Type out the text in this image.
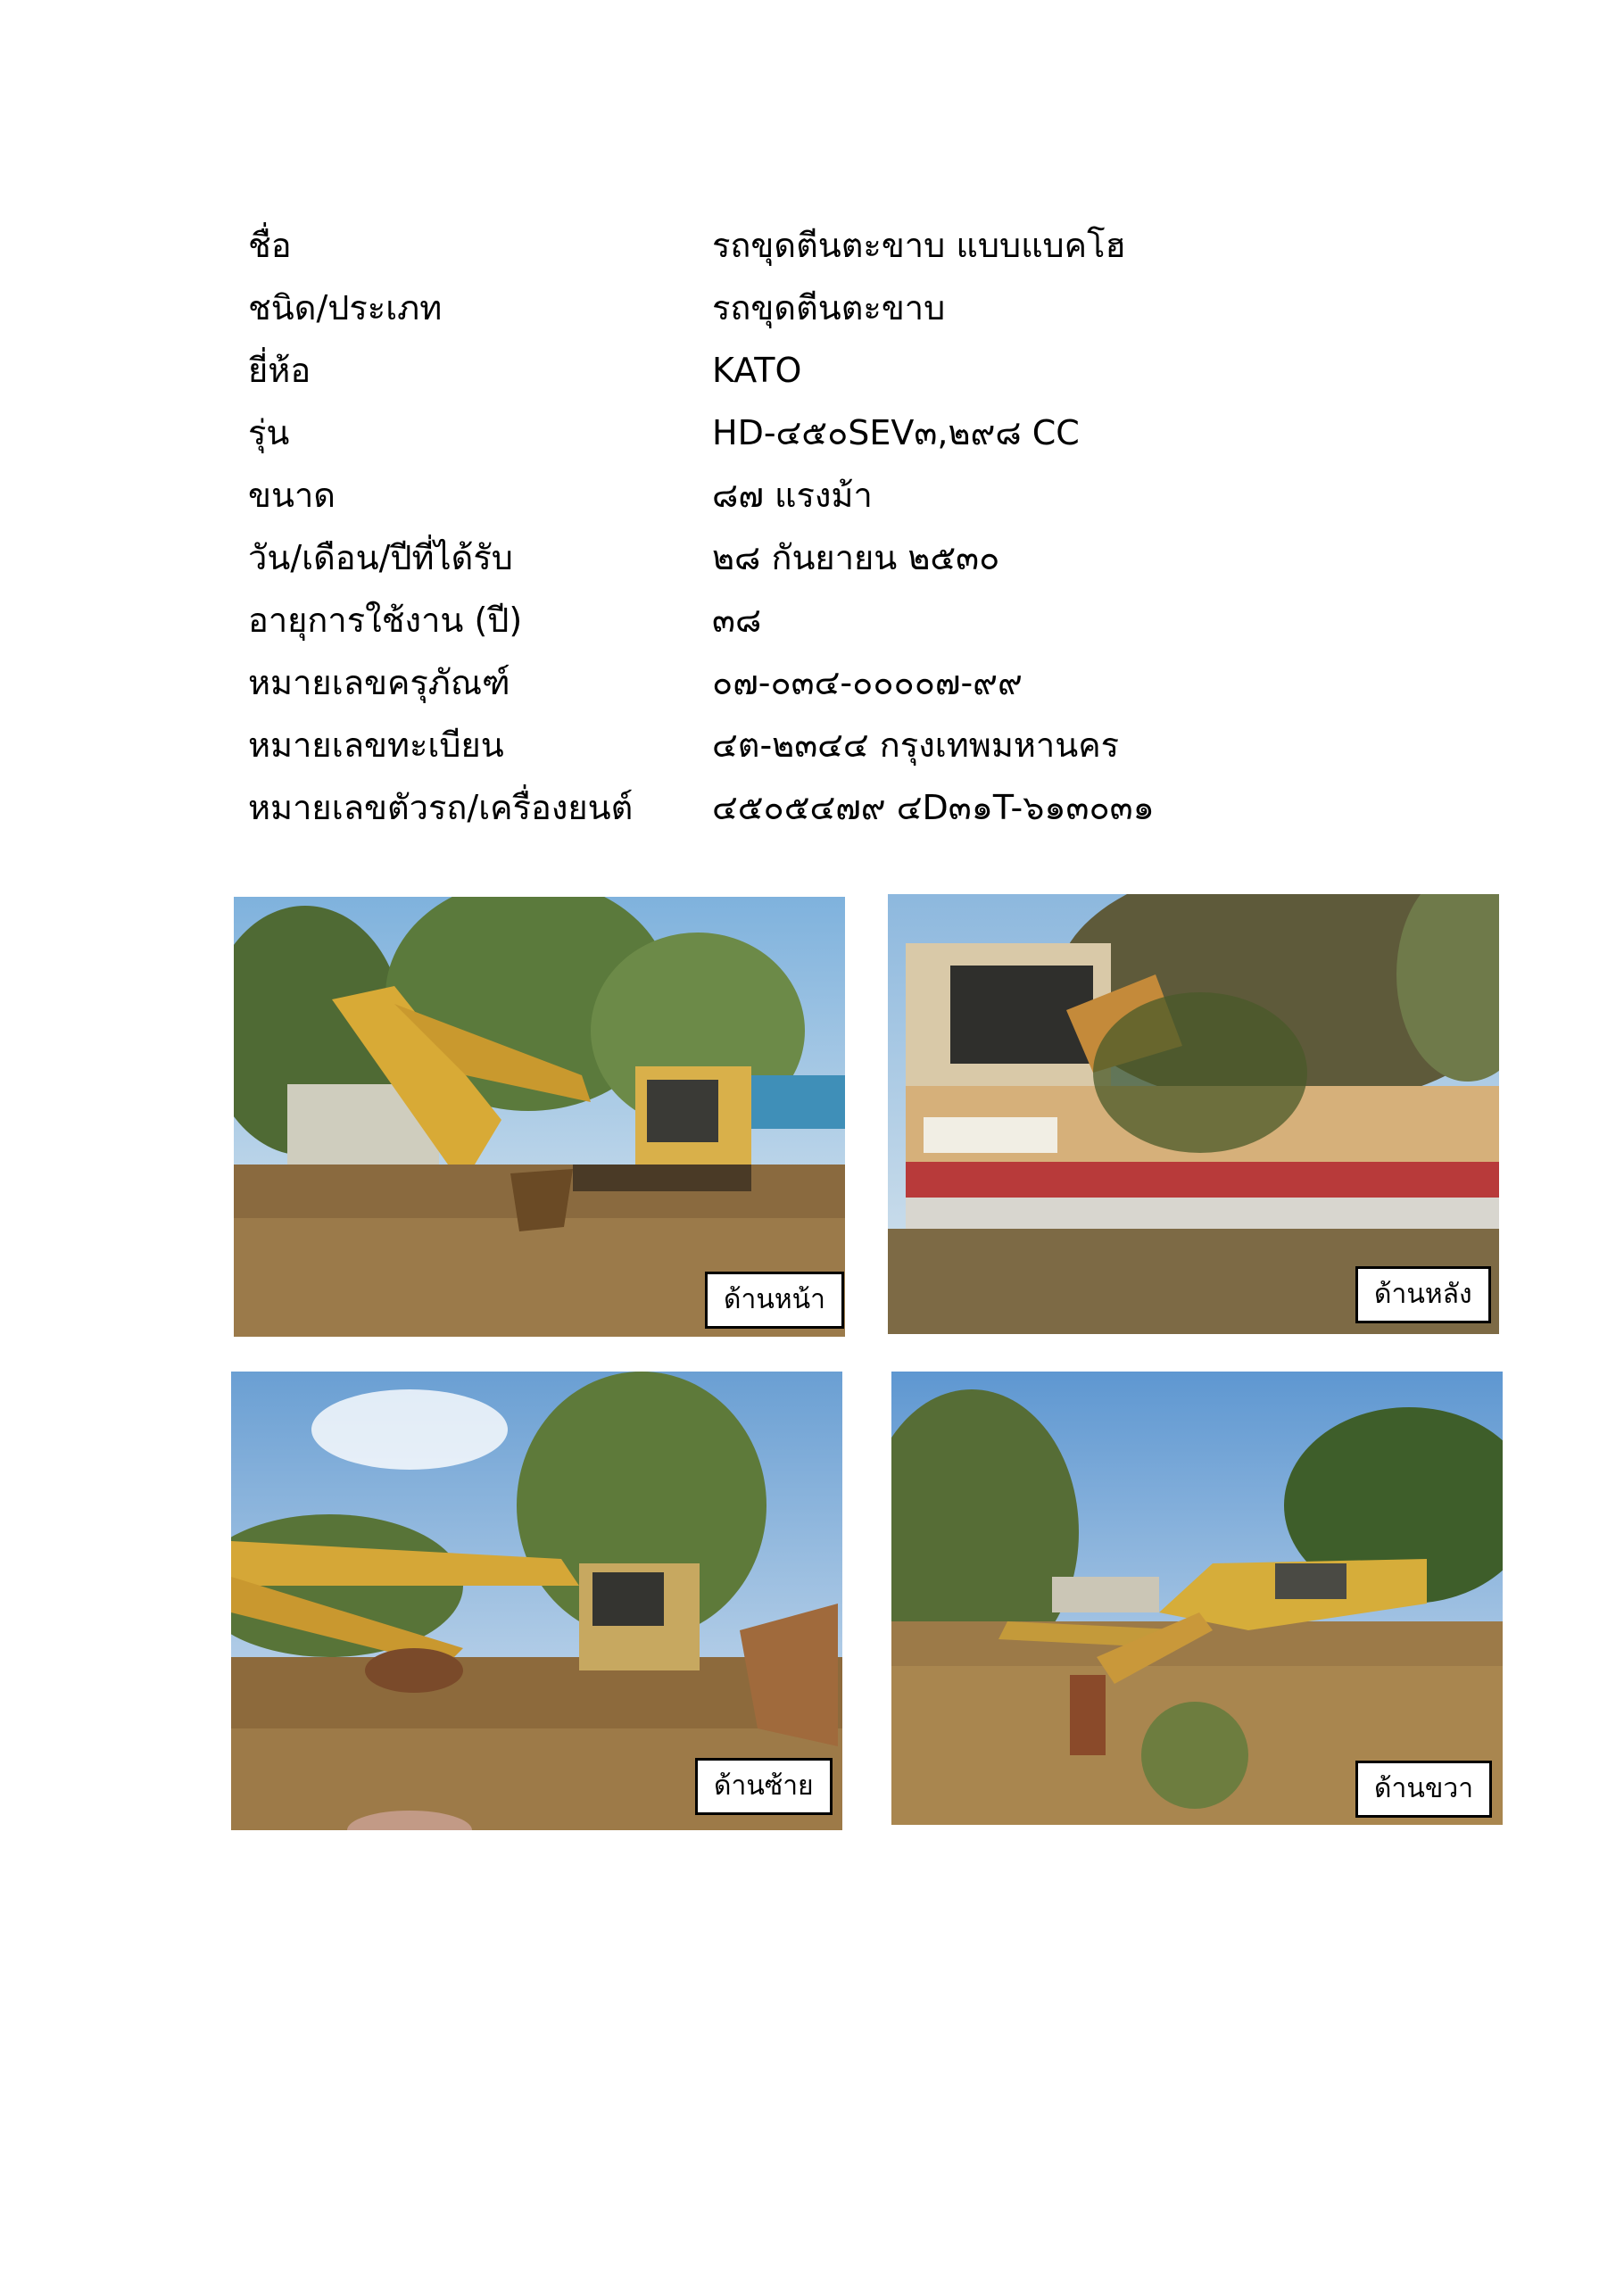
ชื่อ	รถขุดตีนตะขาบ แบบแบคโฮ
ชนิด/ประเภท	รถขุดตีนตะขาบ
ยี่ห้อ	KATO
รุ่น	HD-๔๕๐SEV๓,๒๙๘ CC
ขนาด	๘๗ แรงม้า
วัน/เดือน/ปีที่ได้รับ	๒๘ กันยายน ๒๕๓๐
อายุการใช้งาน (ปี)	๓๘
หมายเลขครุภัณฑ์	๐๗-๐๓๔-๐๐๐๐๗-๙๙
หมายเลขทะเบียน	๔ต-๒๓๔๔ กรุงเทพมหานคร
หมายเลขตัวรถ/เครื่องยนต์ ๔๕๐๕๔๗๙ ๔D๓๑T-๖๑๓๐๓๑
ด้านหน้า	ด้านหลัง
ด้านซ้าย	ด้านขวา
